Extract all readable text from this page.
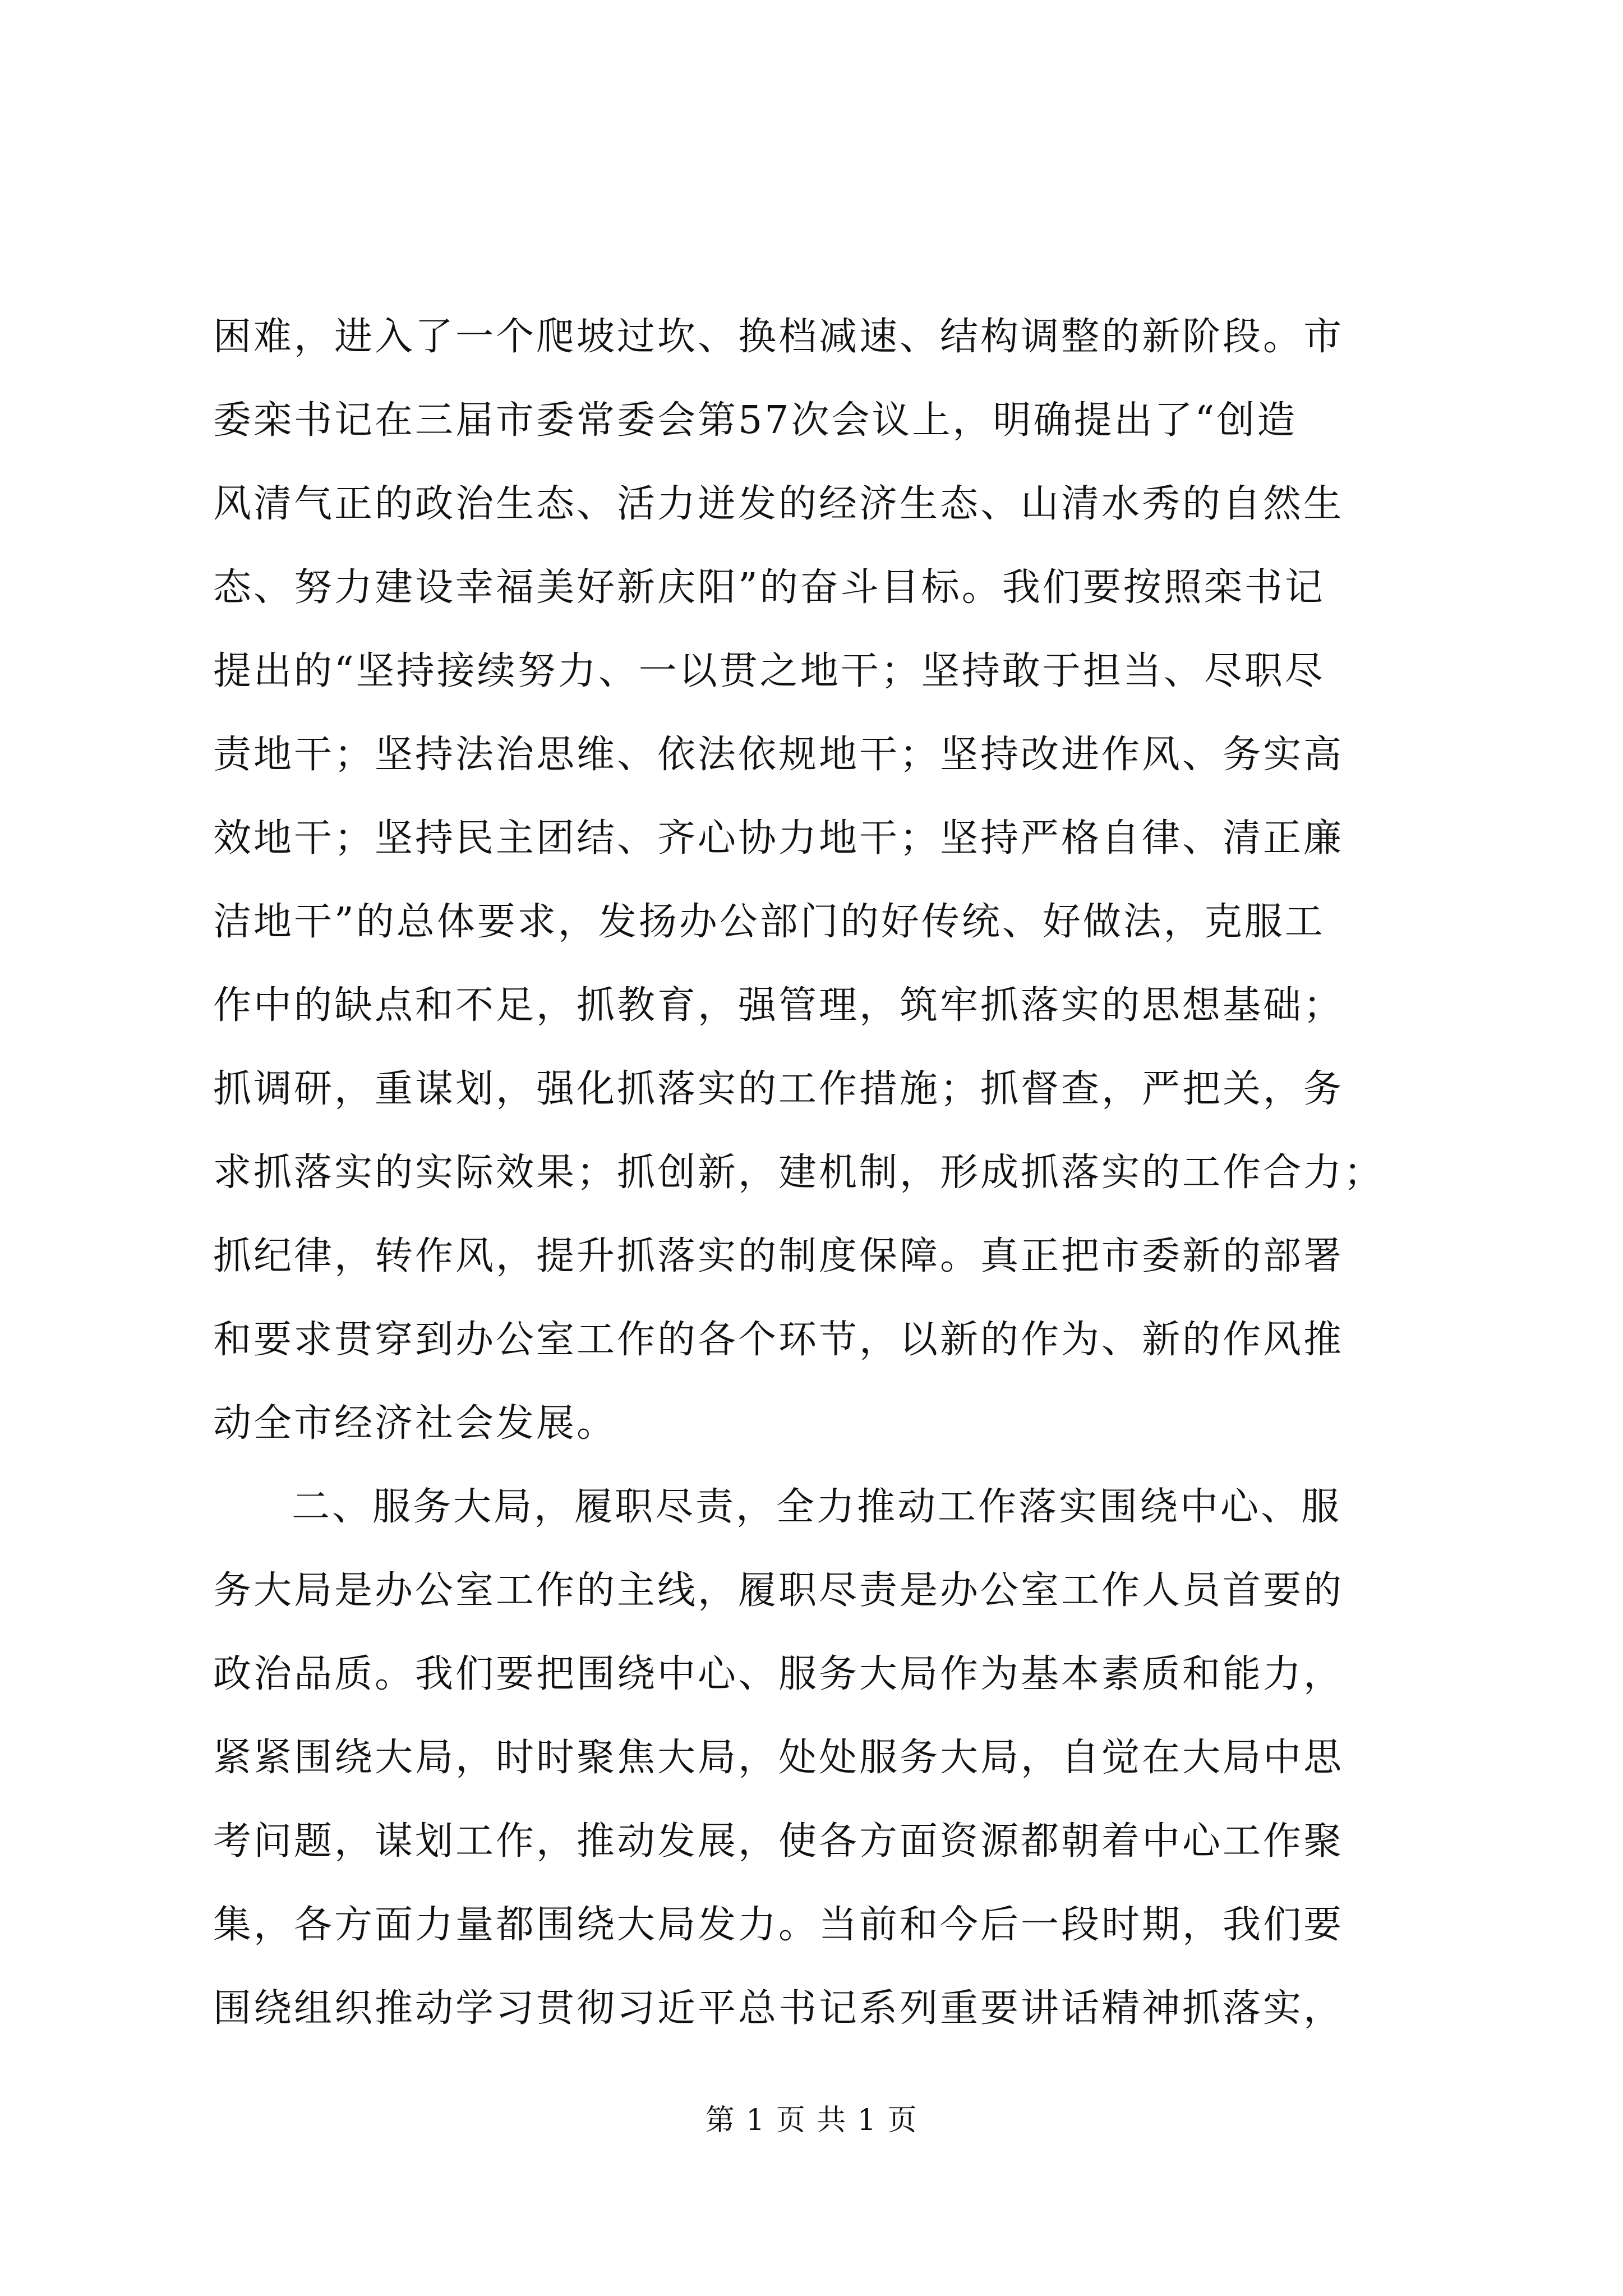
困难，进入了一个爬坡过坎、换档减速、结构调整的新阶段。市
委栾书记在三届市委常委会第57次会议上，明确提出了“创造
风清气正的政治生态、活力迸发的经济生态、山清水秀的自然生
态、努力建设幸福美好新庆阳”的奋斗目标。我们要按照栾书记
提出的“坚持接续努力、一以贯之地干；坚持敢于担当、尽职尽
责地干；坚持法治思维、依法依规地干；坚持改进作风、务实高
效地干；坚持民主团结、齐心协力地干；坚持严格自律、清正廉
洁地干”的总体要求，发扬办公部门的好传统、好做法，克服工
作中的缺点和不足，抓教育，强管理，筑牢抓落实的思想基础；
抓调研，重谋划，强化抓落实的工作措施；抓督查，严把关，务
求抓落实的实际效果；抓创新，建机制，形成抓落实的工作合力；
抓纪律，转作风，提升抓落实的制度保障。真正把市委新的部署
和要求贯穿到办公室工作的各个环节，以新的作为、新的作风推
动全市经济社会发展。
二、服务大局，履职尽责，全力推动工作落实围绕中心、服
务大局是办公室工作的主线，履职尽责是办公室工作人员首要的
政治品质。我们要把围绕中心、服务大局作为基本素质和能力，
紧紧围绕大局，时时聚焦大局，处处服务大局，自觉在大局中思
考问题，谋划工作，推动发展，使各方面资源都朝着中心工作聚
集，各方面力量都围绕大局发力。当前和今后一段时期，我们要
围绕组织推动学习贯彻习近平总书记系列重要讲话精神抓落实，
第 1 页 共 1 页
